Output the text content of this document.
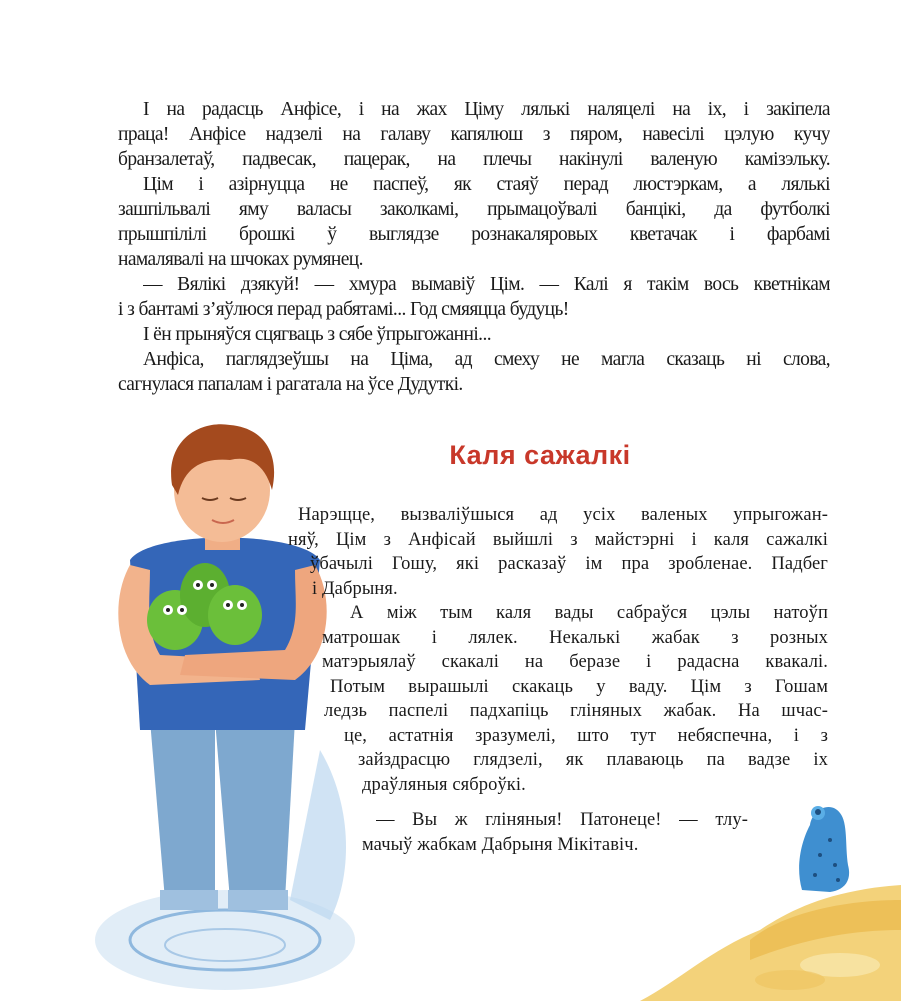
І на радасць Анфісе, і на жах Ціму лялькі наляцелі на іх, і закіпела
праца! Анфісе надзелі на галаву капялюш з пяром, навесілі цэлую кучу
бранзалетаў, падвесак, пацерак, на плечы накінулі валеную камізэльку.
Цім і азірнуцца не паспеў, як стаяў перад люстэркам, а лялькі
зашпільвалі яму валасы заколкамі, прымацоўвалі банцікі, да футболкі
прышпілілі брошкі ў выглядзе рознакаляровых кветачак і фарбамі
намалявалі на шчоках румянец.
— Вялікі дзякуй! — хмура вымавіў Цім. — Калі я такім вось кветнікам
і з бантамі з’яўлюся перад рабятамі... Год смяяцца будуць!
І ён прыняўся сцягваць з сябе ўпрыгожанні...
Анфіса, паглядзеўшы на Ціма, ад смеху не магла сказаць ні слова,
сагнулася папалам і рагатала на ўсе Дудуткі.
Каля сажалкі
Нарэщце, вызваліўшыся ад усіх валеных упрыгожан-
няў, Цім з Анфісай выйшлі з майстэрні і каля сажалкі
ўбачылі Гошу, які расказаў ім пра зробленае. Падбег
і Дабрыня.
А між тым каля вады сабраўся цэлы натоўп
матрошак і лялек. Некалькі жабак з розных
матэрыялаў скакалі на беразе і радасна квакалі.
Потым вырашылі скакаць у ваду. Цім з Гошам
ледзь паспелі падхапіць гліняных жабак. На шчас-
це, астатнія зразумелі, што тут небяспечна, і з
зайздрасцю глядзелі, як плаваюць па вадзе іх
драўляныя сяброўкі.
— Вы ж гліняныя! Патонеце! — тлу-
мачыў жабкам Дабрыня Мікітавіч.
